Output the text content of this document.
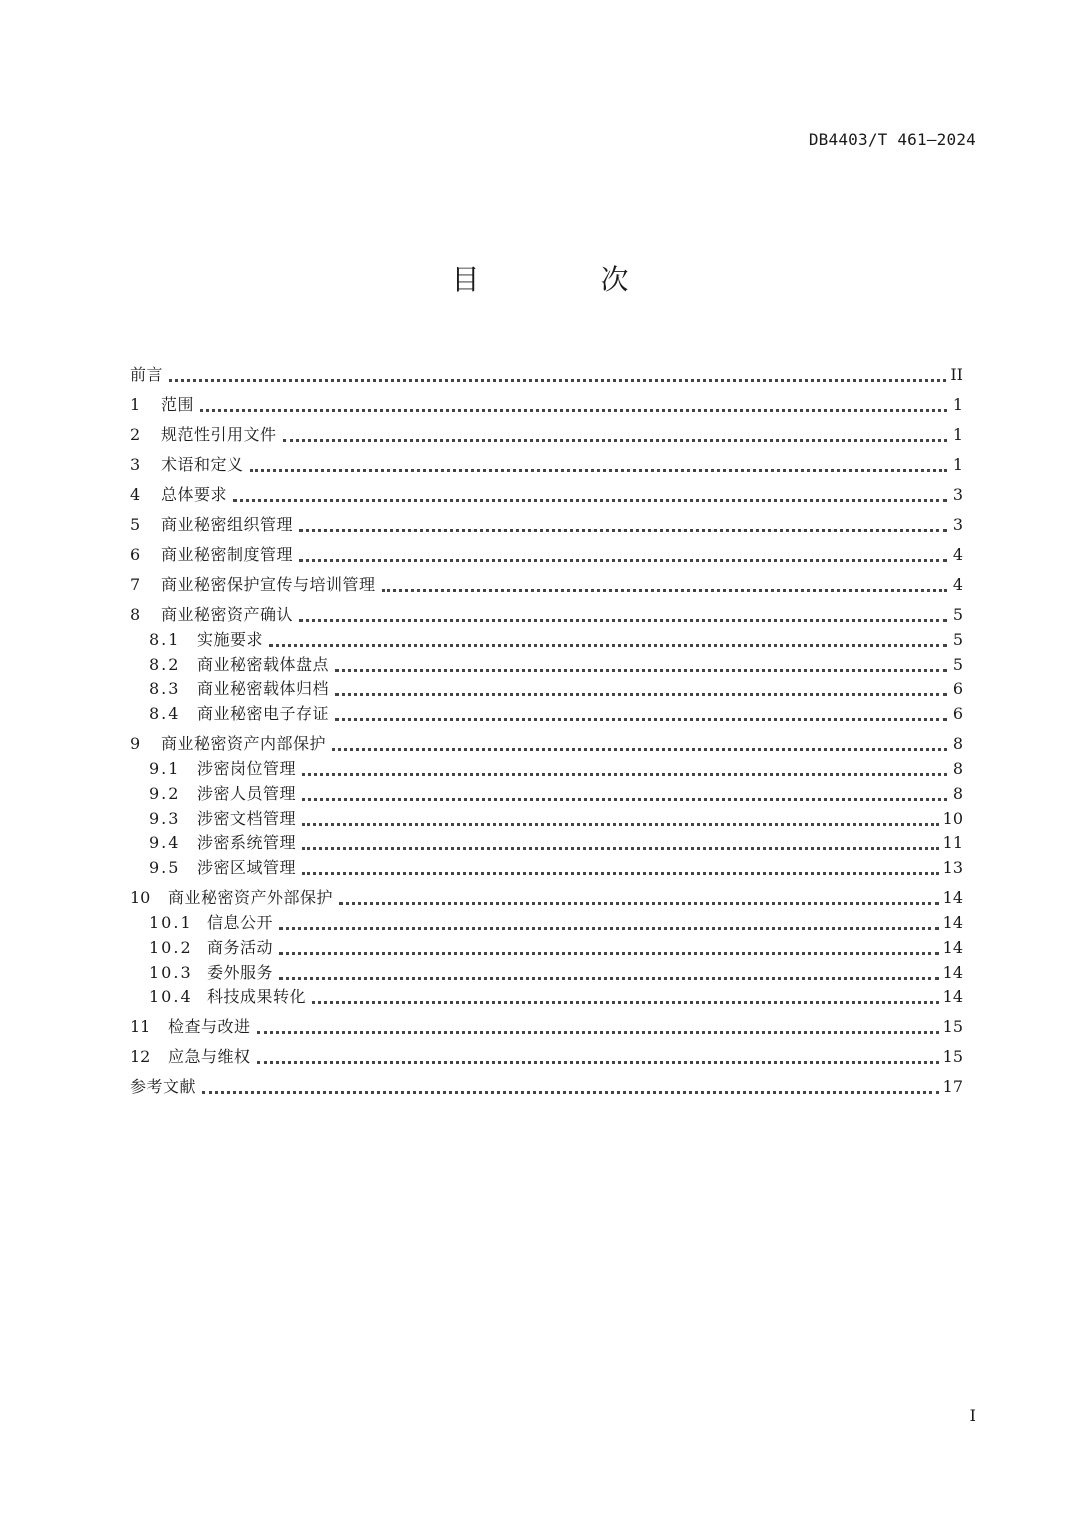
DB4403/T 461—2024
目 次
前言	II
1	范围	1
2	规范性引用文件	1
3	术语和定义	1
4	总体要求	3
5	商业秘密组织管理	3
6	商业秘密制度管理	4
7	商业秘密保护宣传与培训管理	4
8	商业秘密资产确认	5
8.1	实施要求	5
8.2	商业秘密载体盘点	5
8.3	商业秘密载体归档	6
8.4	商业秘密电子存证	6
9	商业秘密资产内部保护	8
9.1	涉密岗位管理	8
9.2	涉密人员管理	8
9.3	涉密文档管理	10
9.4	涉密系统管理	11
9.5	涉密区域管理	13
10	商业秘密资产外部保护	14
10.1 信息公开	14
10.2 商务活动	14
10.3 委外服务	14
10.4 科技成果转化	14
11	检查与改进	15
12	应急与维权	15
参考文献	17
I
